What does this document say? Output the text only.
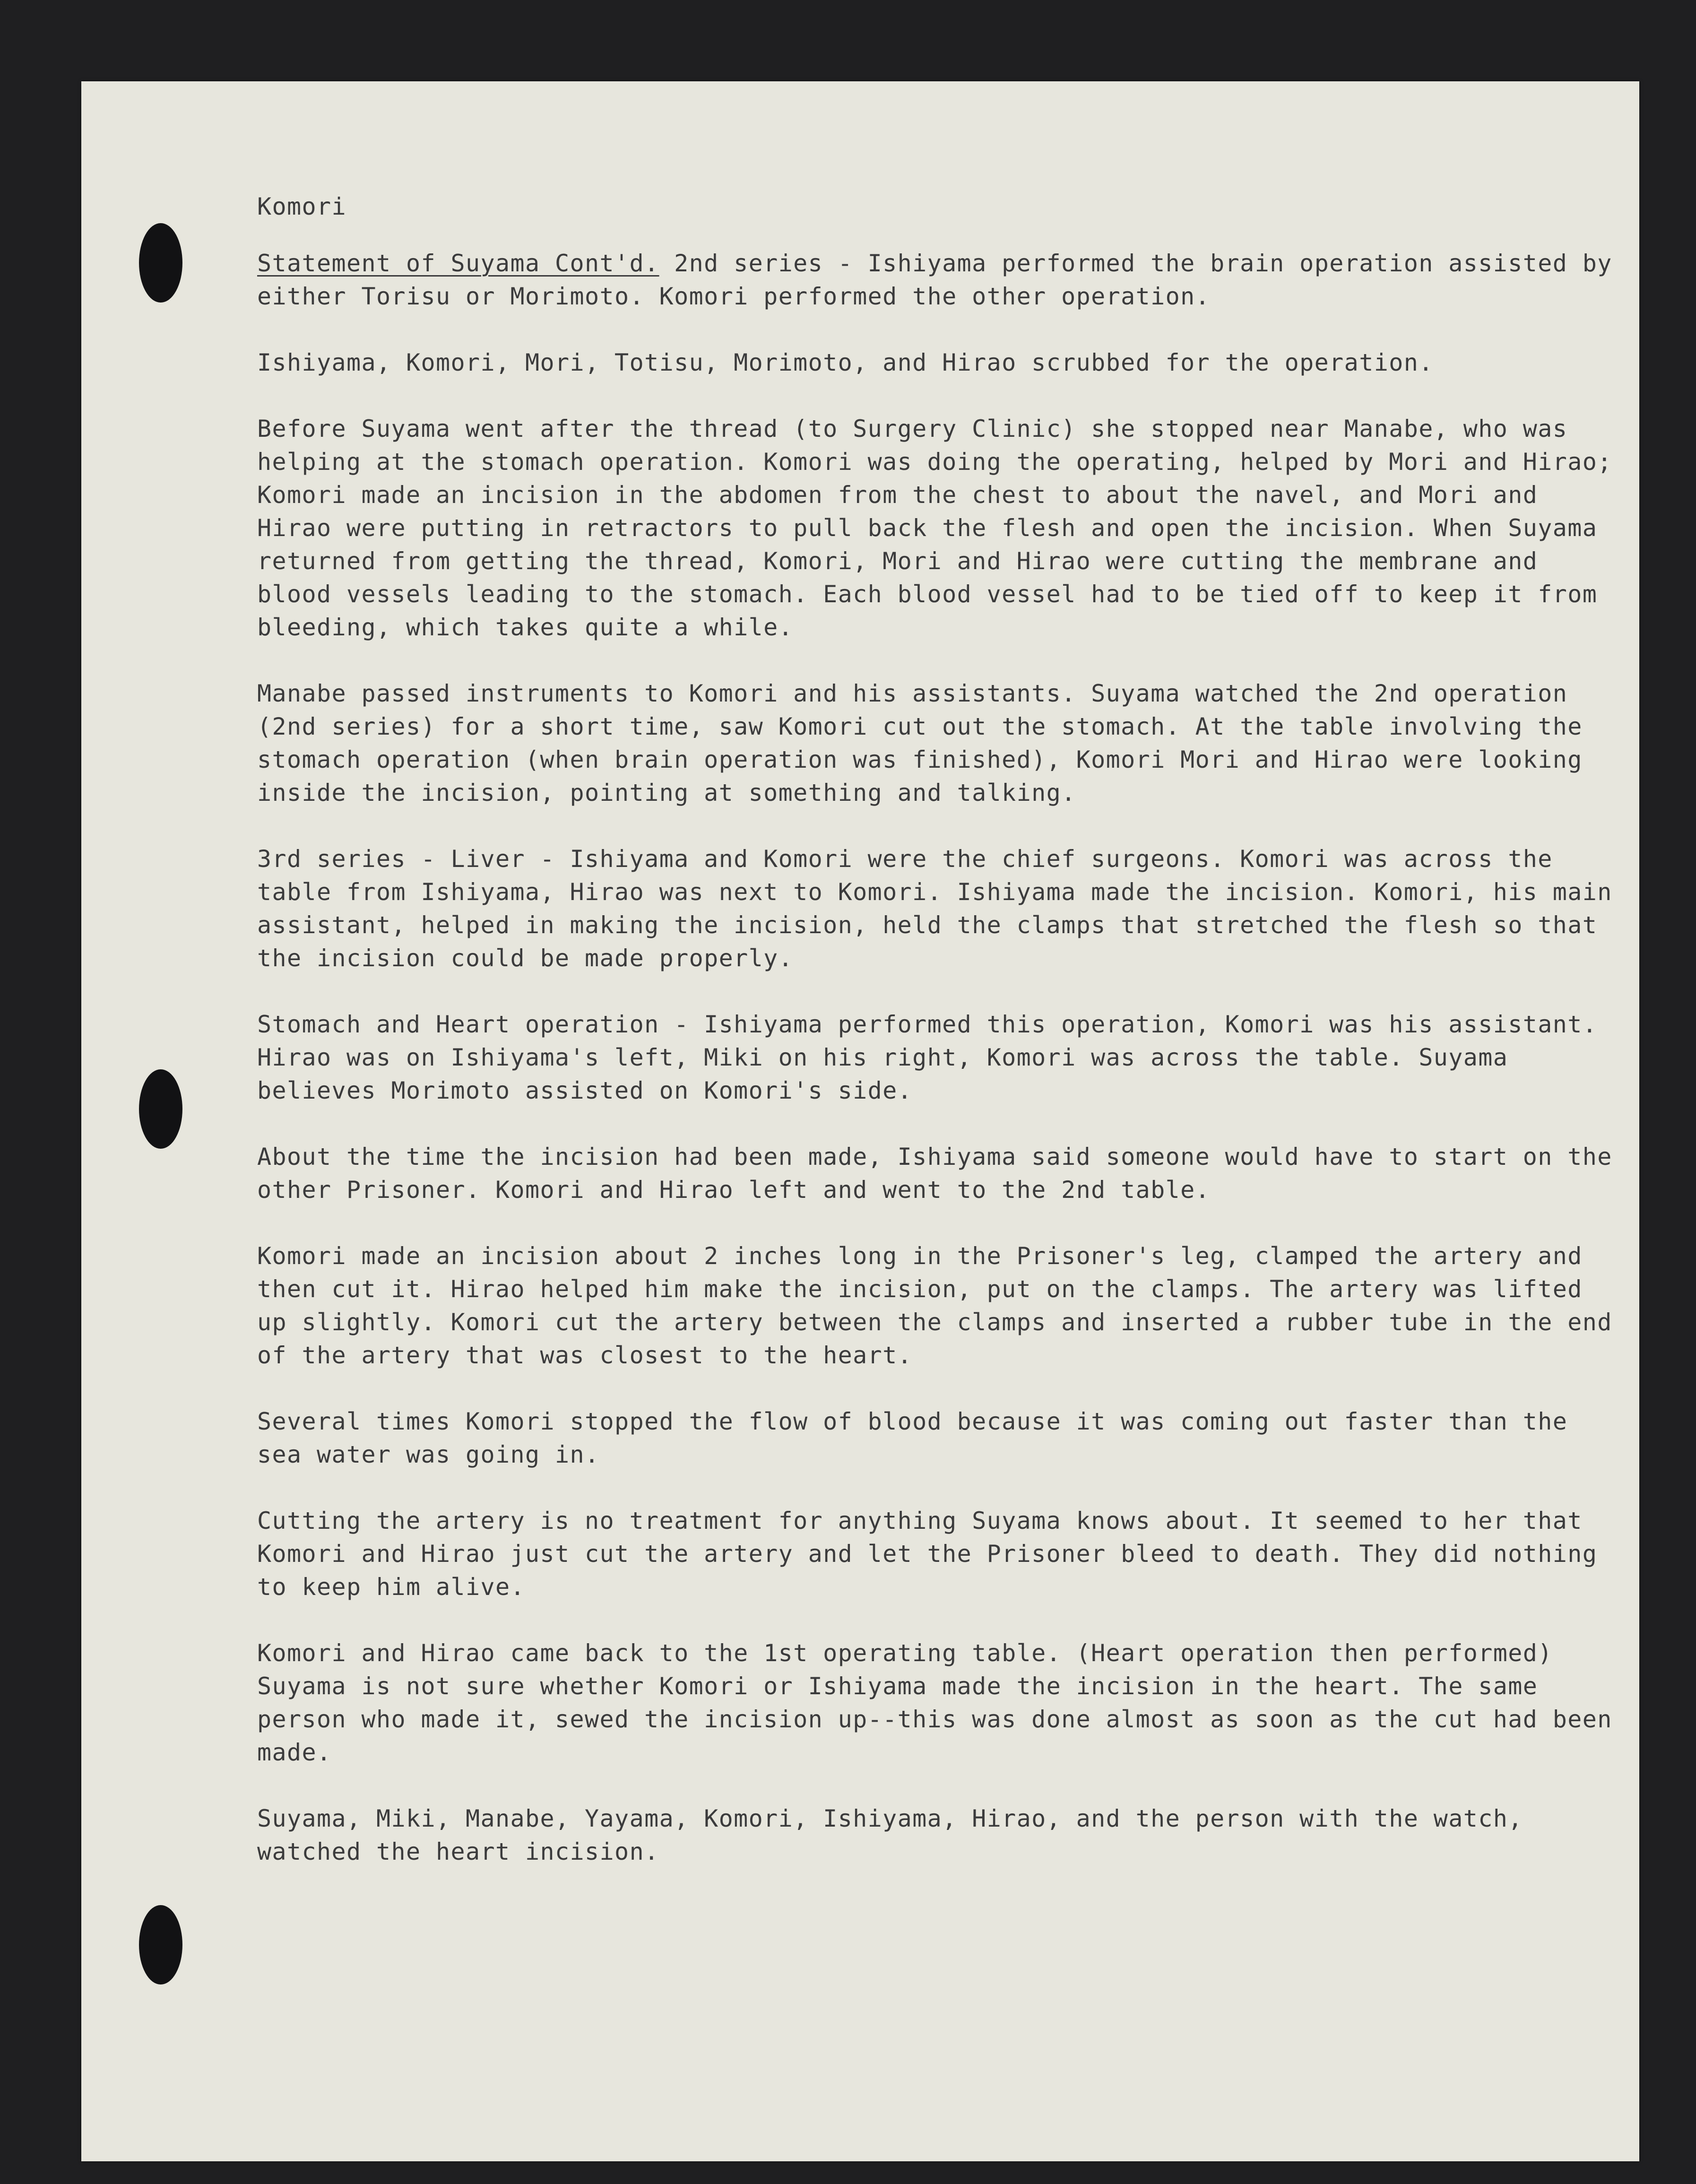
Komori

Statement of Suyama Cont'd. 2nd series - Ishiyama performed the brain operation assisted by either Torisu or Morimoto. Komori performed the other operation.

Ishiyama, Komori, Mori, Totisu, Morimoto, and Hirao scrubbed for the operation.

Before Suyama went after the thread (to Surgery Clinic) she stopped near Manabe, who was helping at the stomach operation. Komori was doing the operating, helped by Mori and Hirao; Komori made an incision in the abdomen from the chest to about the navel, and Mori and Hirao were putting in retractors to pull back the flesh and open the incision. When Suyama returned from getting the thread, Komori, Mori and Hirao were cutting the membrane and blood vessels leading to the stomach. Each blood vessel had to be tied off to keep it from bleeding, which takes quite a while.

Manabe passed instruments to Komori and his assistants. Suyama watched the 2nd operation (2nd series) for a short time, saw Komori cut out the stomach. At the table involving the stomach operation (when brain operation was finished), Komori Mori and Hirao were looking inside the incision, pointing at something and talking.

3rd series - Liver - Ishiyama and Komori were the chief surgeons. Komori was across the table from Ishiyama, Hirao was next to Komori. Ishiyama made the incision. Komori, his main assistant, helped in making the incision, held the clamps that stretched the flesh so that the incision could be made properly.

Stomach and Heart operation - Ishiyama performed this operation, Komori was his assistant. Hirao was on Ishiyama's left, Miki on his right, Komori was across the table. Suyama believes Morimoto assisted on Komori's side.

About the time the incision had been made, Ishiyama said someone would have to start on the other Prisoner. Komori and Hirao left and went to the 2nd table.

Komori made an incision about 2 inches long in the Prisoner's leg, clamped the artery and then cut it. Hirao helped him make the incision, put on the clamps. The artery was lifted up slightly. Komori cut the artery between the clamps and inserted a rubber tube in the end of the artery that was closest to the heart.

Several times Komori stopped the flow of blood because it was coming out faster than the sea water was going in.

Cutting the artery is no treatment for anything Suyama knows about. It seemed to her that Komori and Hirao just cut the artery and let the Prisoner bleed to death. They did nothing to keep him alive.

Komori and Hirao came back to the 1st operating table. (Heart operation then performed) Suyama is not sure whether Komori or Ishiyama made the incision in the heart. The same person who made it, sewed the incision up--this was done almost as soon as the cut had been made.

Suyama, Miki, Manabe, Yayama, Komori, Ishiyama, Hirao, and the person with the watch, watched the heart incision.
